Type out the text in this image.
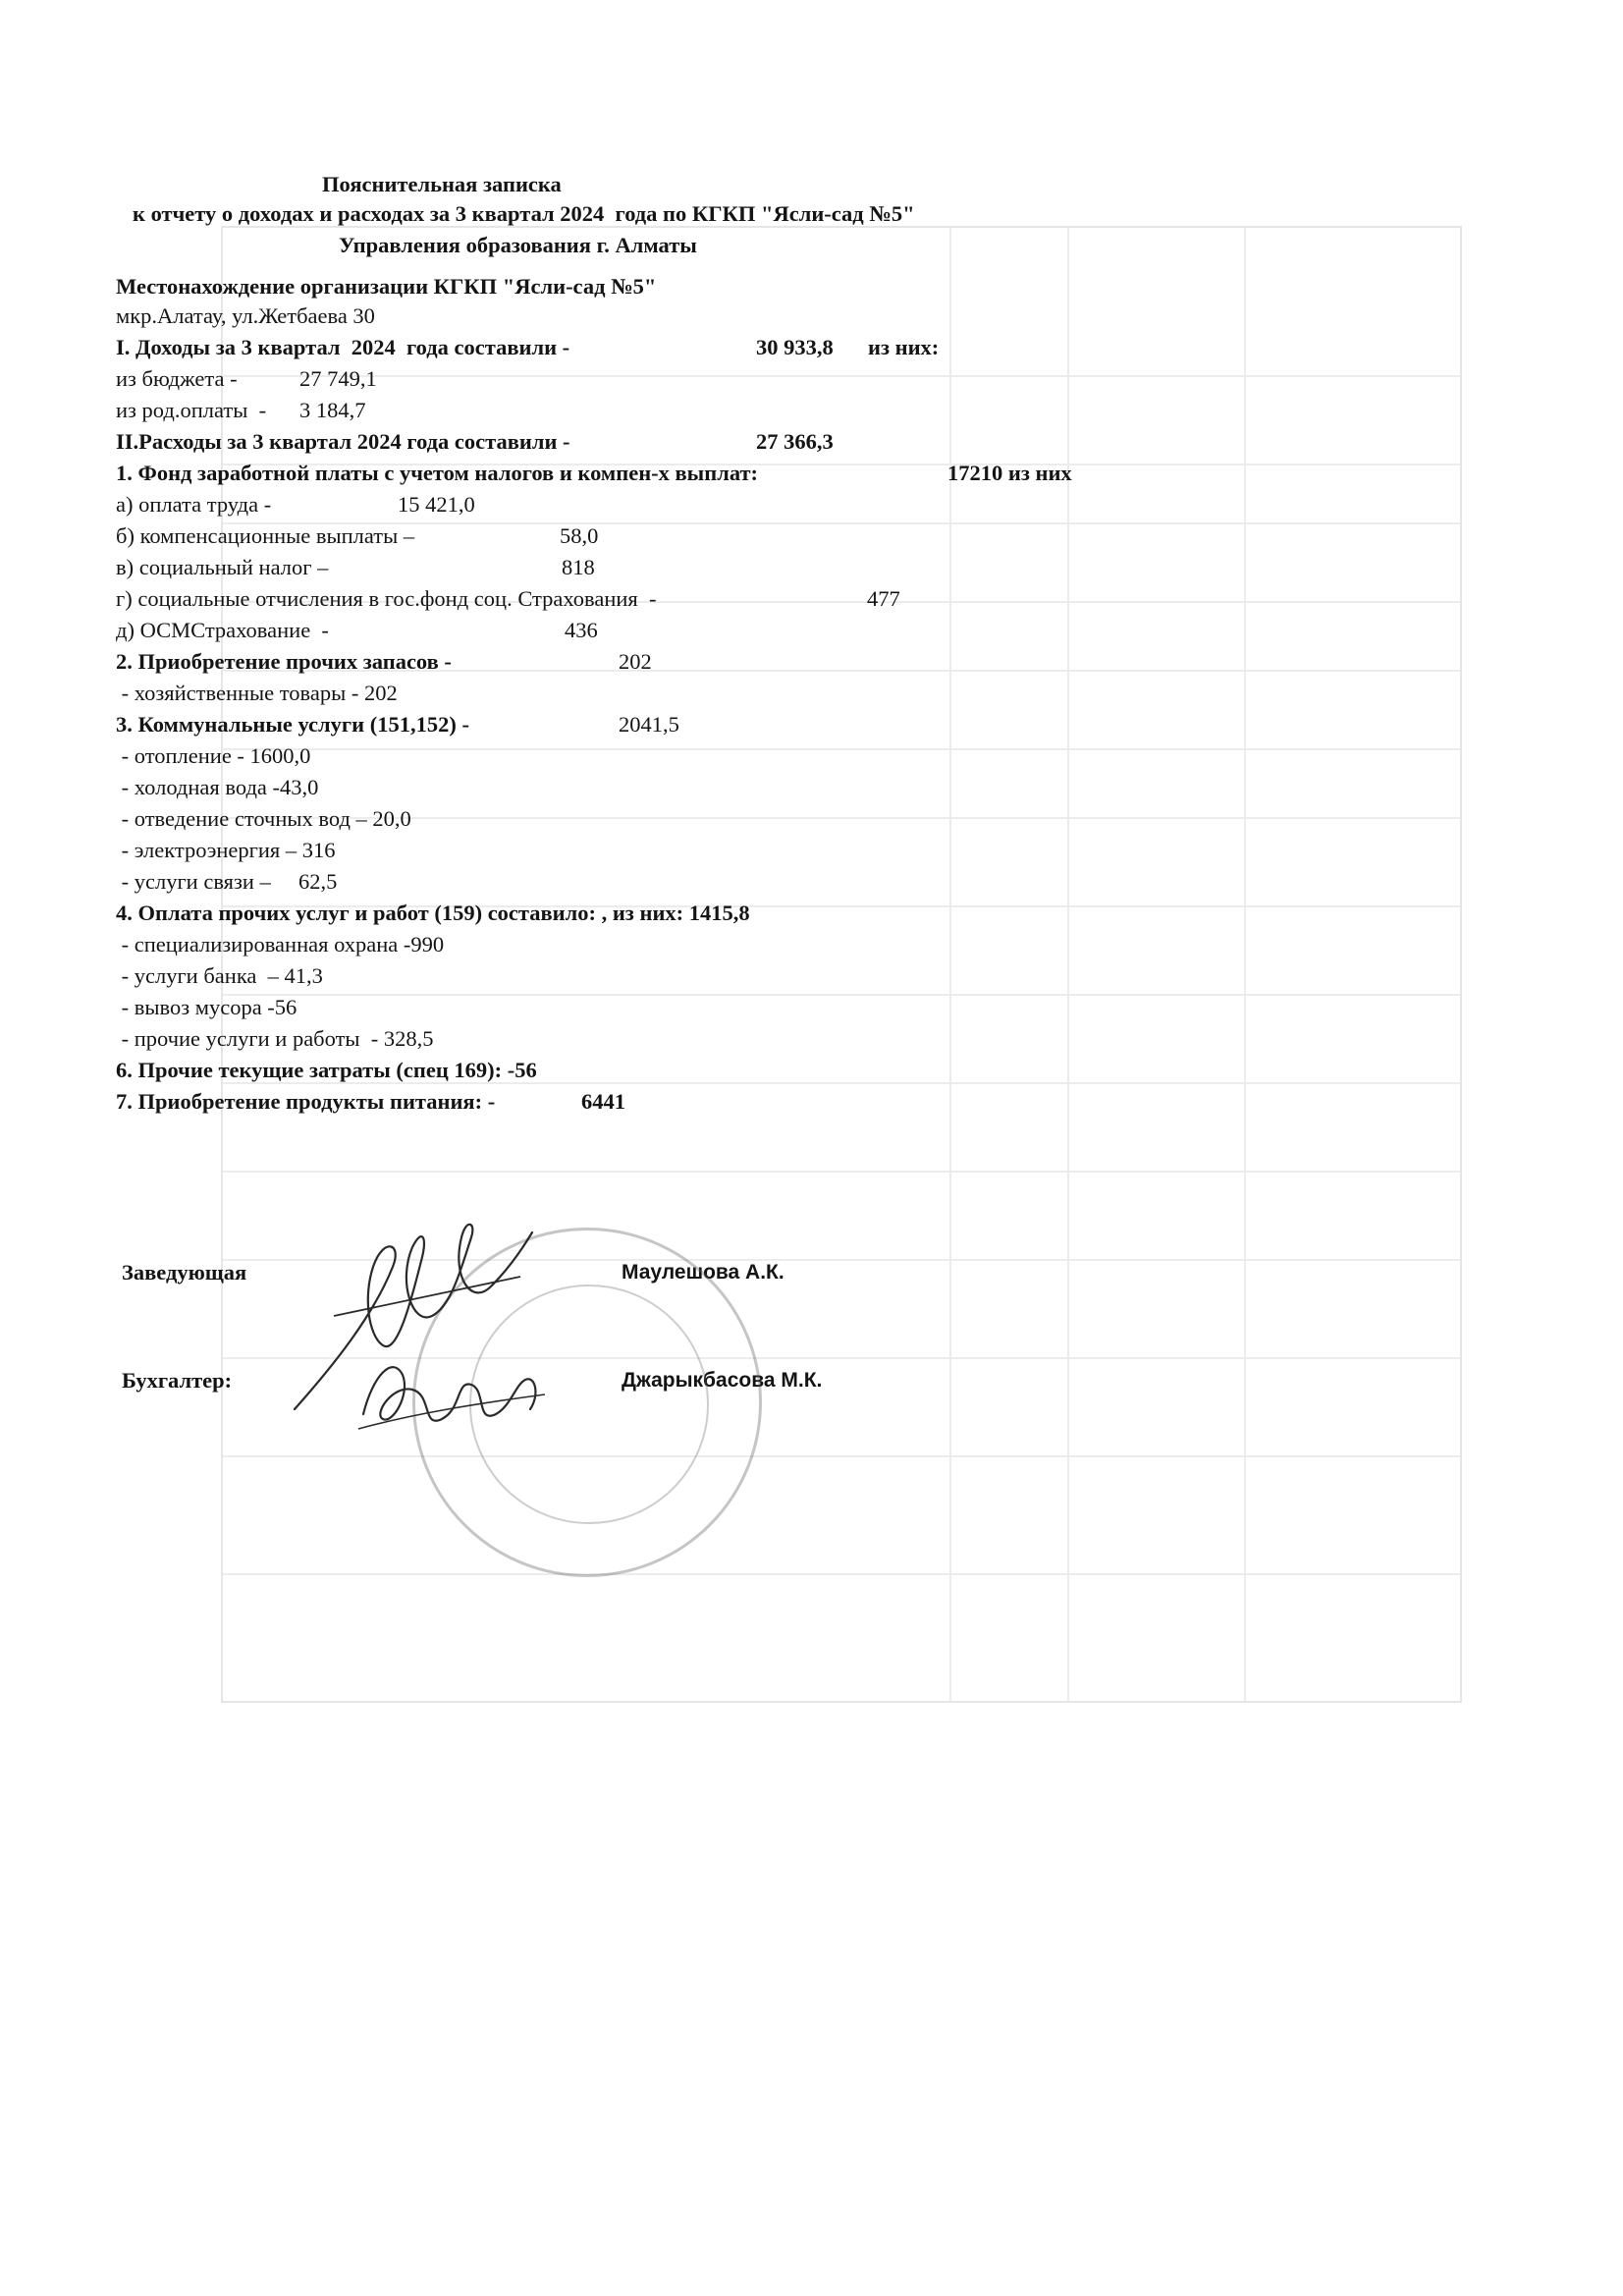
Пояснительная записка
к отчету о доходах и расходах за 3 квартал 2024  года по КГКП "Ясли-сад №5"
Управления образования г. Алматы
Местонахождение организации КГКП "Ясли-сад №5"
мкр.Алатау, ул.Жетбаева 30
I. Доходы за 3 квартал  2024  года составили -	30 933,8 из них:
из бюджета -	27 749,1
из род.оплаты  - 3 184,7
II.Расходы за 3 квартал 2024 года составили -	27 366,3
1. Фонд заработной платы с учетом налогов и компен-х выплат:	17210 из них
а) оплата труда -	15 421,0
б) компенсационные выплаты –	58,0
в) социальный налог –	818
г) социальные отчисления в гос.фонд соц. Страхования  -	477
д) ОСМСтрахование  -	436
2. Приобретение прочих запасов -	202
- хозяйственные товары - 202
3. Коммунальные услуги (151,152) -	2041,5
- отопление - 1600,0
- холодная вода -43,0
- отведение сточных вод – 20,0
- электроэнергия – 316
- услуги связи –     62,5
4. Оплата прочих услуг и работ (159) составило: , из них: 1415,8
- специализированная охрана -990
- услуги банка  – 41,3
- вывоз мусора -56
- прочие услуги и работы  - 328,5
6. Прочие текущие затраты (спец 169): -56
7. Приобретение продукты питания: -	6441
Заведующая	Маулешова А.К.
Бухгалтер:	Джарыкбасова М.К.
